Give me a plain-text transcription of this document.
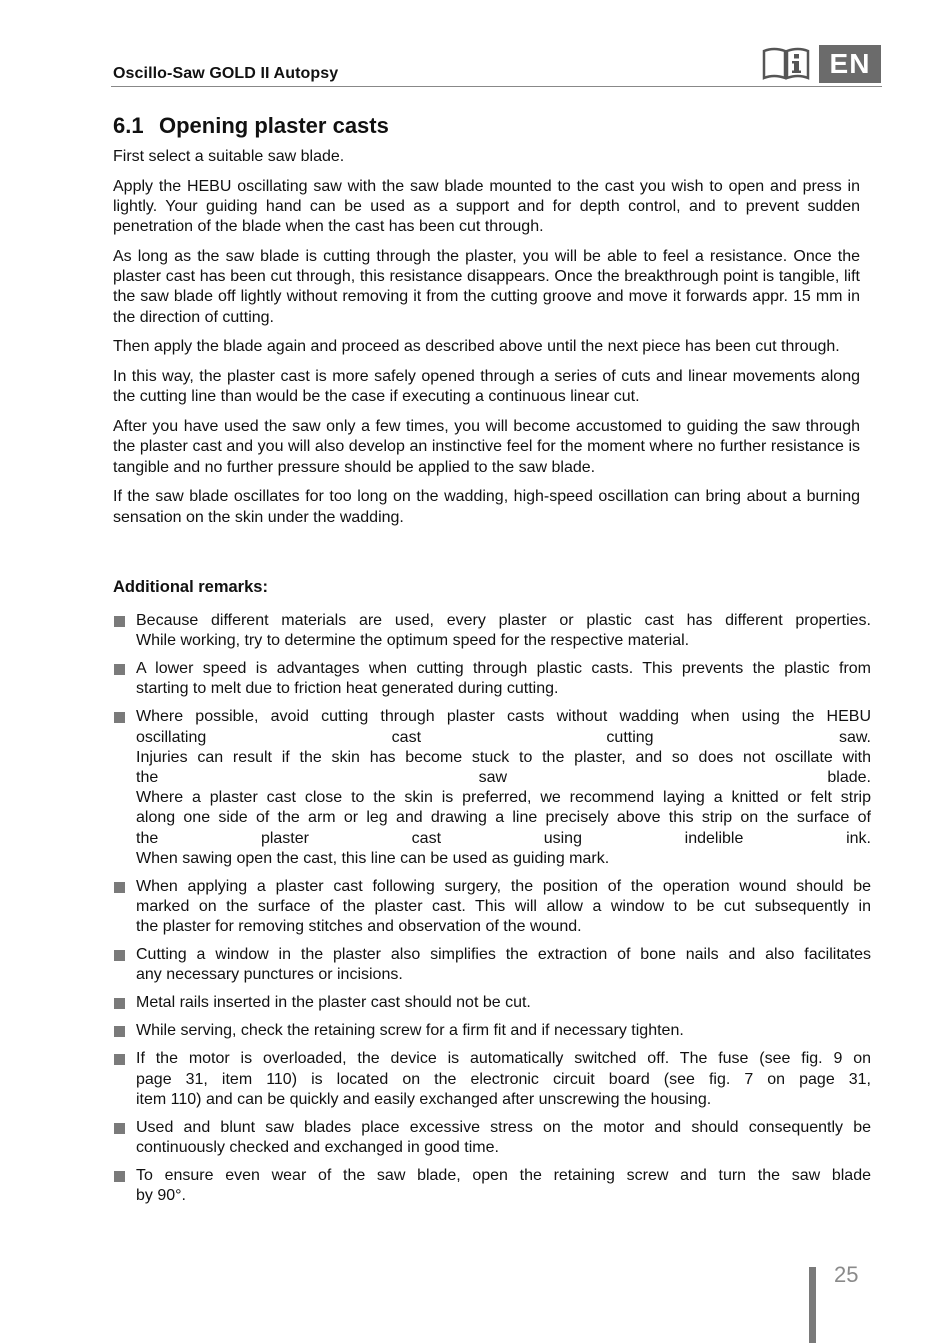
Oscillo-Saw GOLD II Autopsy	EN
6.1 Opening plaster casts

First select a suitable saw blade.

Apply the HEBU oscillating saw with the saw blade mounted to the cast you wish to open and press in lightly. Your guiding hand can be used as a support and for depth control, and to prevent sudden penetration of the blade when the cast has been cut through.

As long as the saw blade is cutting through the plaster, you will be able to feel a resistance. Once the plaster cast has been cut through, this resistance disappears. Once the breakthrough point is tangible, lift the saw blade off lightly without removing it from the cutting groove and move it forwards appr. 15 mm in the direction of cutting.

Then apply the blade again and proceed as described above until the next piece has been cut through.

In this way, the plaster cast is more safely opened through a series of cuts and linear movements along the cutting line than would be the case if executing a continuous linear cut.

After you have used the saw only a few times, you will become accustomed to guiding the saw through the plaster cast and you will also develop an instinctive feel for the moment where no further resistance is tangible and no further pressure should be applied to the saw blade.

If the saw blade oscillates for too long on the wadding, high-speed oscillation can bring about a burning sensation on the skin under the wadding.

Additional remarks:
Because different materials are used, every plaster or plastic cast has different properties.
While working, try to determine the optimum speed for the respective material.
A lower speed is advantages when cutting through plastic casts. This prevents the plastic from
starting to melt due to friction heat generated during cutting.
Where possible, avoid cutting through plaster casts without wadding when using the HEBU
oscillating cast cutting saw.
Injuries can result if the skin has become stuck to the plaster, and so does not oscillate with
the saw blade.
Where a plaster cast close to the skin is preferred, we recommend laying a knitted or felt strip
along one side of the arm or leg and drawing a line precisely above this strip on the surface of
the plaster cast using indelible ink.
When sawing open the cast, this line can be used as guiding mark.
When applying a plaster cast following surgery, the position of the operation wound should be
marked on the surface of the plaster cast. This will allow a window to be cut subsequently in
the plaster for removing stitches and observation of the wound.
Cutting a window in the plaster also simplifies the extraction of bone nails and also facilitates
any necessary punctures or incisions.
Metal rails inserted in the plaster cast should not be cut.
While serving, check the retaining screw for a firm fit and if necessary tighten.
If the motor is overloaded, the device is automatically switched off. The fuse (see fig. 9 on
page 31, item 110) is located on the electronic circuit board (see fig. 7 on page 31,
item 110) and can be quickly and easily exchanged after unscrewing the housing.
Used and blunt saw blades place excessive stress on the motor and should consequently be
continuously checked and exchanged in good time.
To ensure even wear of the saw blade, open the retaining screw and turn the saw blade
by 90°.
25
